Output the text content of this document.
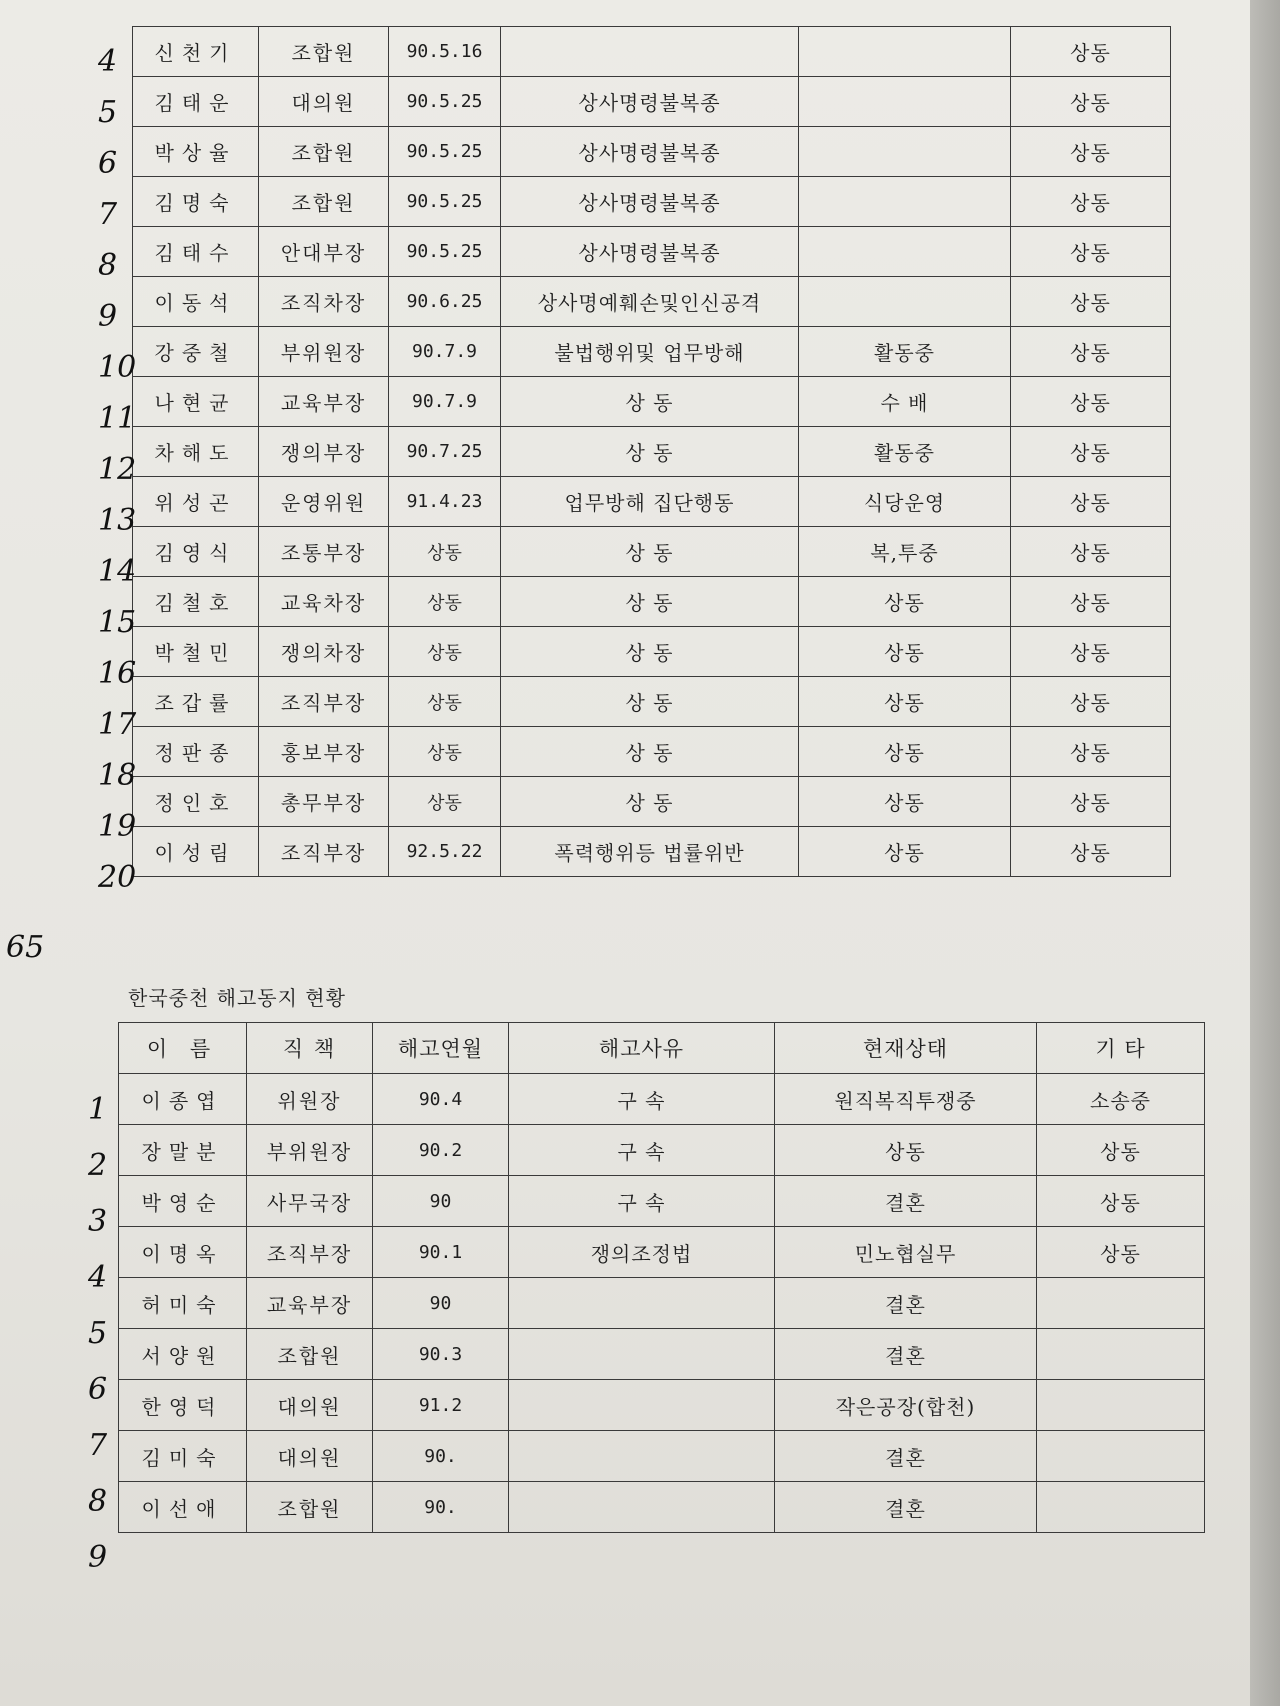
신천기	조합원	90.5.16			상동
김태운	대의원	90.5.25	상사명령불복종		상동
박상율	조합원	90.5.25	상사명령불복종		상동
김명숙	조합원	90.5.25	상사명령불복종		상동
김태수	안대부장	90.5.25	상사명령불복종		상동
이동석	조직차장	90.6.25	상사명예훼손및인신공격		상동
강중철	부위원장	90.7.9	불법행위및 업무방해	활동중	상동
나현균	교육부장	90.7.9	상 동	수 배	상동
차해도	쟁의부장	90.7.25	상 동	활동중	상동
위성곤	운영위원	91.4.23	업무방해 집단행동	식당운영	상동
김영식	조통부장	상동	상 동	복,투중	상동
김철호	교육차장	상동	상 동	상동	상동
박철민	쟁의차장	상동	상 동	상동	상동
조갑률	조직부장	상동	상 동	상동	상동
정판종	홍보부장	상동	상 동	상동	상동
정인호	총무부장	상동	상 동	상동	상동
이성림	조직부장	92.5.22	폭력행위등 법률위반	상동	상동
4
5
6
7
8
9
10
11
12
13
14
15
16
17
18
19
20
65
한국중천 해고동지 현황
이 름	직 책	해고연월	해고사유	현재상태	기 타
이종엽	위원장	90.4	구 속	원직복직투쟁중	소송중
장말분	부위원장	90.2	구 속	상동	상동
박영순	사무국장	90	구 속	결혼	상동
이명옥	조직부장	90.1	쟁의조정법	민노협실무	상동
허미숙	교육부장	90		결혼	
서양원	조합원	90.3		결혼	
한영덕	대의원	91.2		작은공장(합천)	
김미숙	대의원	90.		결혼	
이선애	조합원	90.		결혼	
1
2
3
4
5
6
7
8
9
